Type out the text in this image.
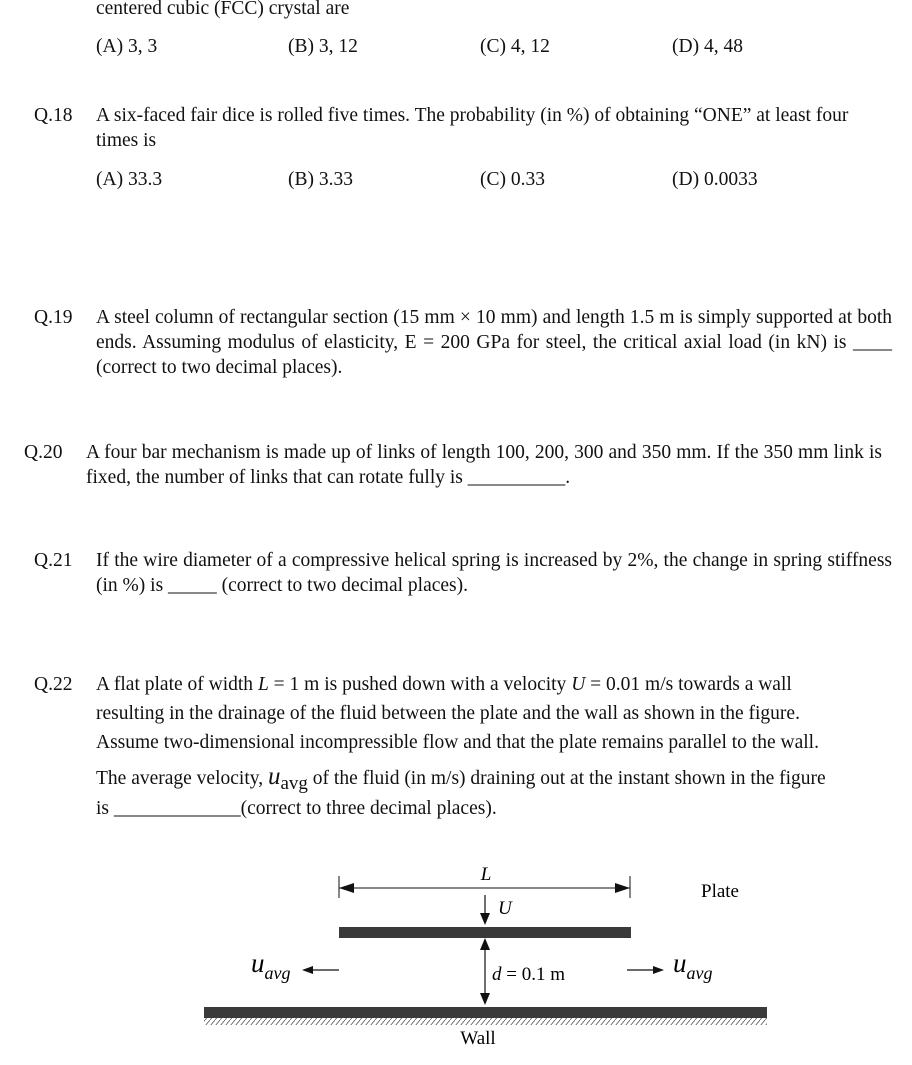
centered cubic (FCC) crystal are
(A) 3, 3	(B) 3, 12	(C) 4, 12	(D) 4, 48
Q.18 A six-faced fair dice is rolled five times. The probability (in %) of obtaining “ONE” at least four times is
(A) 33.3	(B) 3.33	(C) 0.33	(D) 0.0033
Q.19 A steel column of rectangular section (15 mm × 10 mm) and length 1.5 m is simply supported at both ends. Assuming modulus of elasticity, E = 200 GPa for steel, the critical axial load (in kN) is ____ (correct to two decimal places).
Q.20 A four bar mechanism is made up of links of length 100, 200, 300 and 350 mm. If the 350 mm link is fixed, the number of links that can rotate fully is __________.
Q.21 If the wire diameter of a compressive helical spring is increased by 2%, the change in spring stiffness (in %) is _____ (correct to two decimal places).
Q.22 A flat plate of width L = 1 m is pushed down with a velocity U = 0.01 m/s towards a wall
resulting in the drainage of the fluid between the plate and the wall as shown in the figure.
Assume two-dimensional incompressible flow and that the plate remains parallel to the wall.
The average velocity, uavg of the fluid (in m/s) draining out at the instant shown in the figure
is _____________(correct to three decimal places).
L
U
Plate
d = 0.1 m
$u_{avg}$	$u_{avg}$
Wall
